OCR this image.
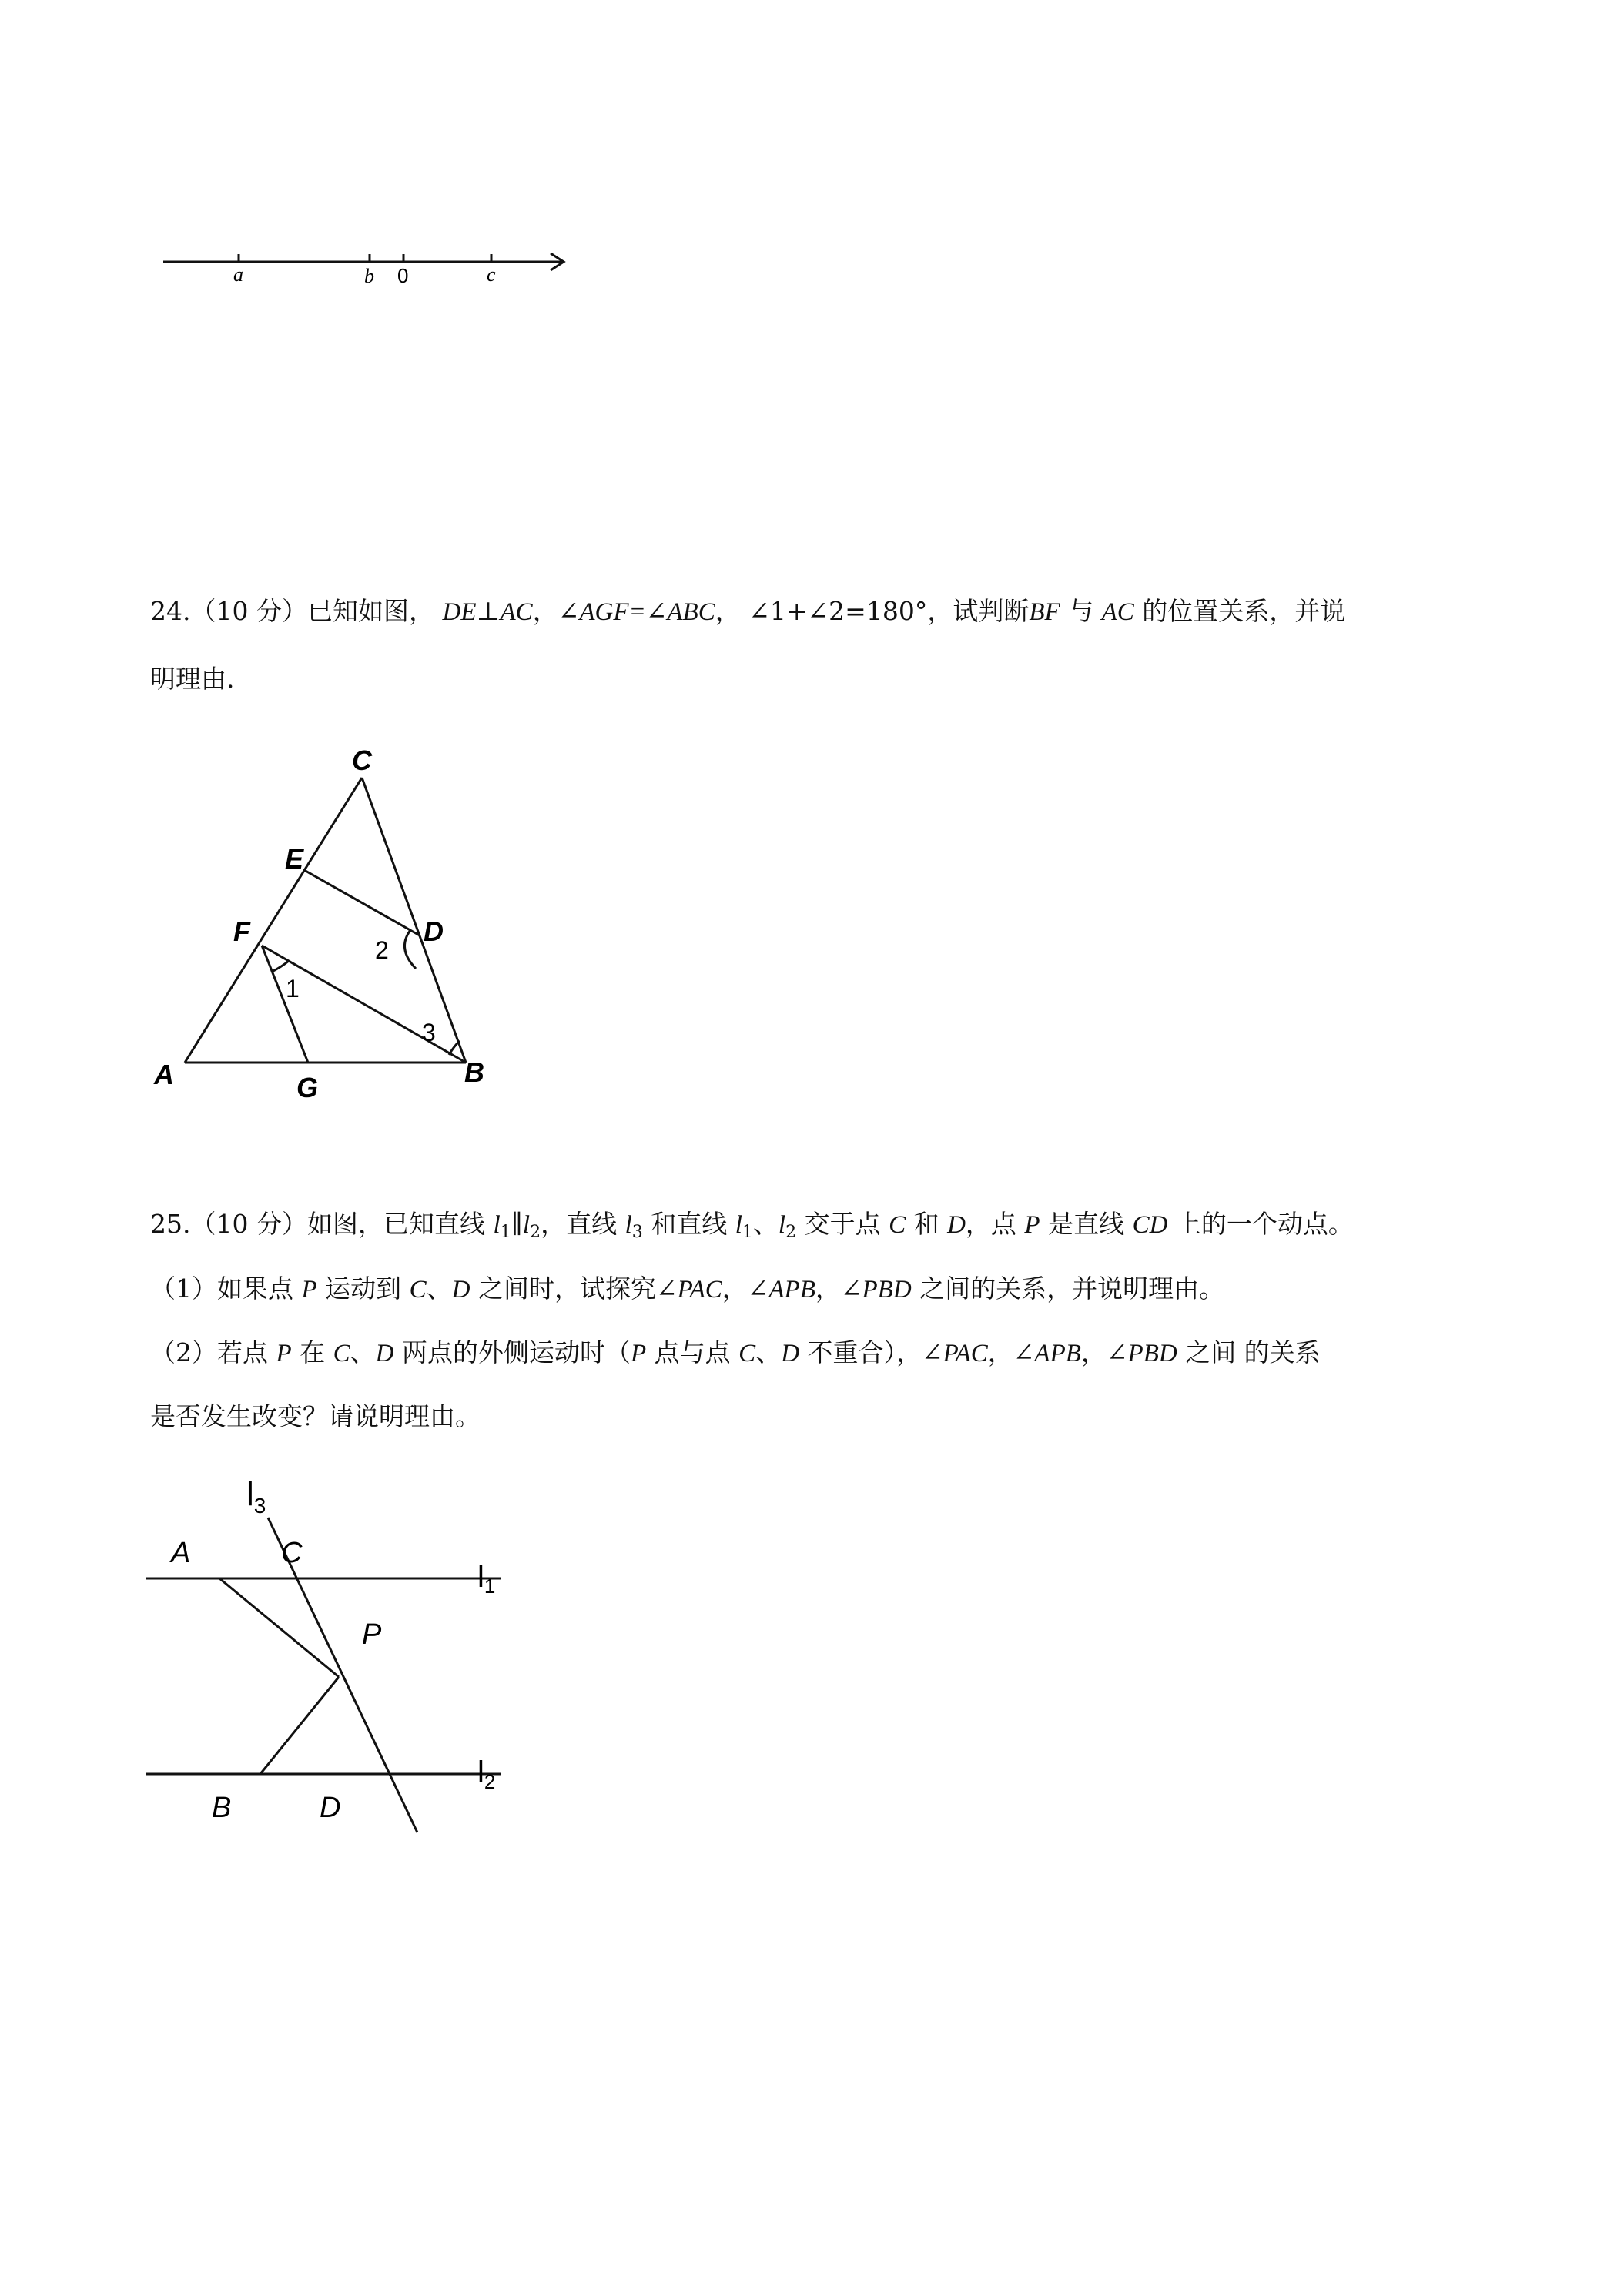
a	b 0	c
24.（10 分）已知如图， DE⊥AC，∠AGF=∠ABC， ∠1+∠2=180°，试判断BF 与 AC 的位置关系，并说
明理由.
C
E
F	D
A	G	B
1
2
3
25.（10 分）如图，已知直线 $l_1\parallel l_2$，直线 $l_3$ 和直线 $l_1$、$l_2$ 交于点 C 和 D，点 P 是直线 CD 上的一个动点。
（1）如果点 P 运动到 C、D 之间时，试探究∠PAC，∠APB，∠PBD 之间的关系，并说明理由。
（2）若点 P 在 C、D 两点的外侧运动时（P 点与点 C、D 不重合），∠PAC，∠APB，∠PBD 之间 的关系
是否发生改变？请说明理由。
$l_3$
A	C
$l_1$
P
$l_2$
B	D
